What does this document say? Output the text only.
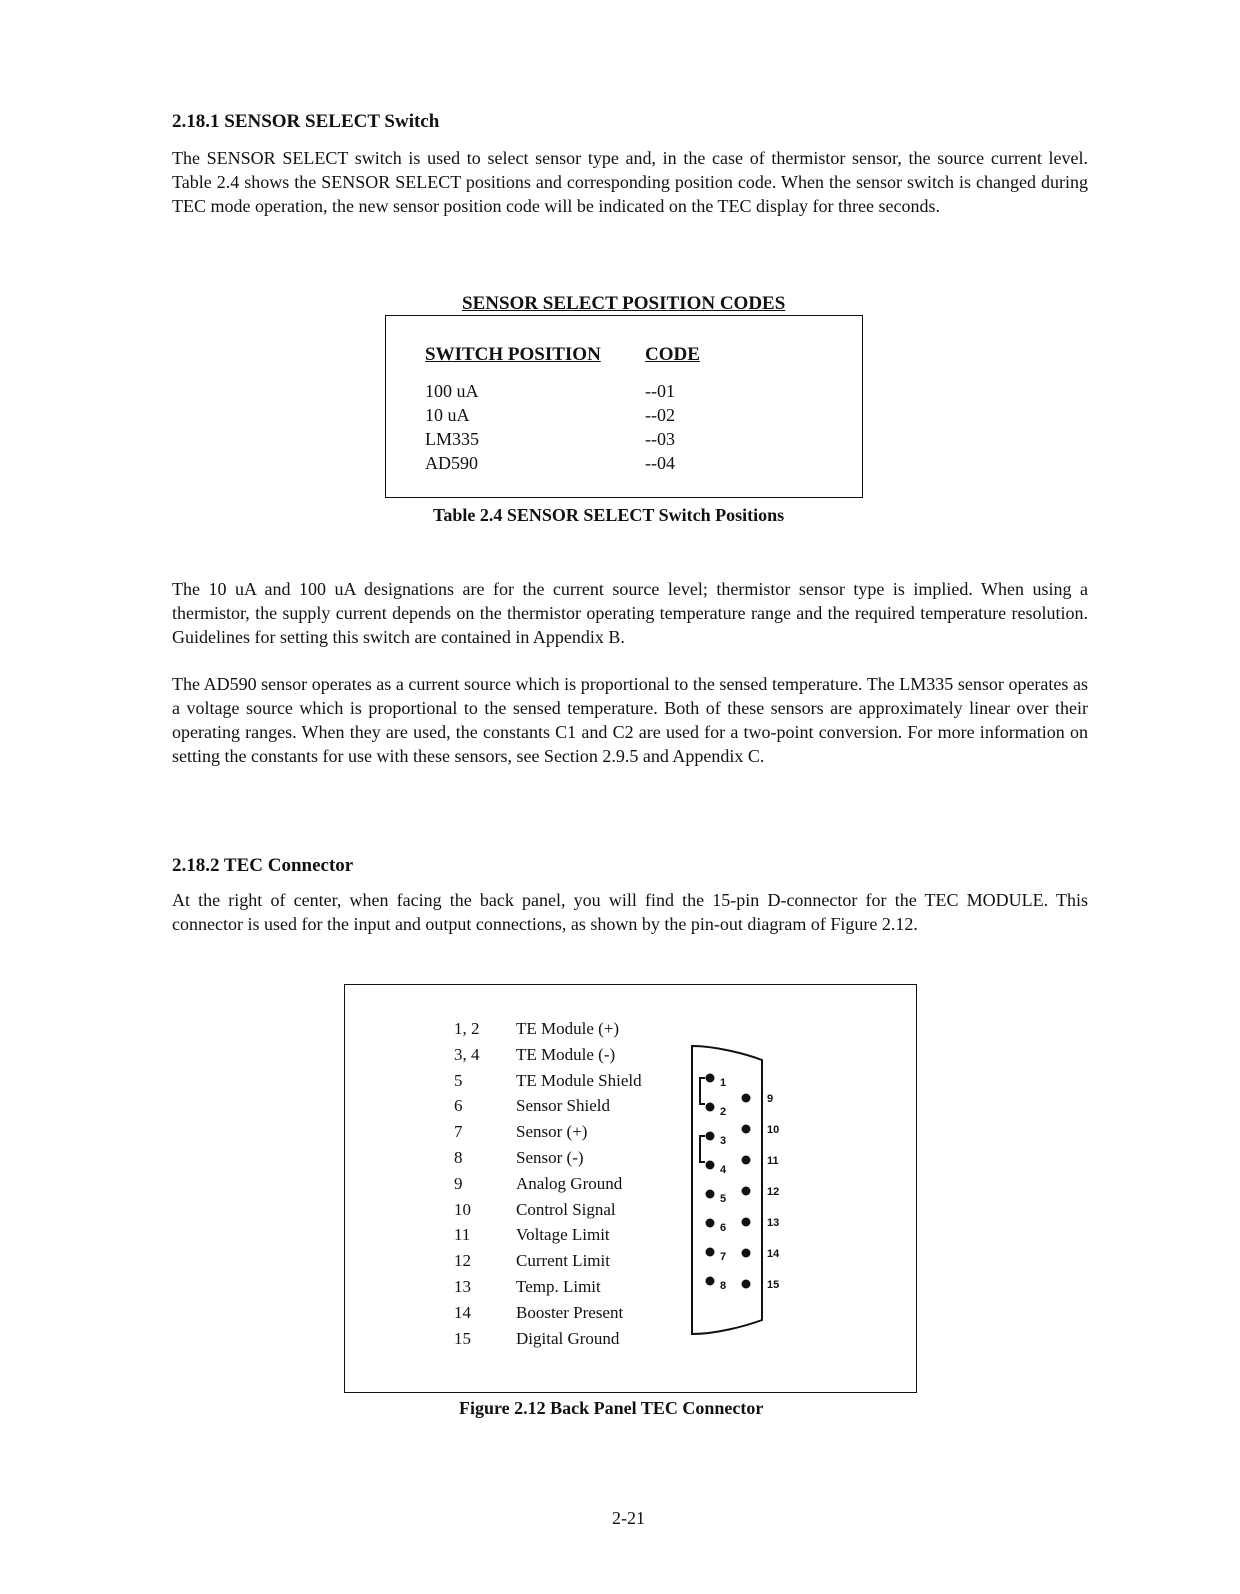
2.18.1 SENSOR SELECT Switch
The SENSOR SELECT switch is used to select sensor type and, in the case of thermistor sensor, the source current level. Table 2.4 shows the SENSOR SELECT positions and corresponding position code. When the sensor switch is changed during TEC mode operation, the new sensor position code will be indicated on the TEC display for three seconds.
SENSOR SELECT POSITION CODES
SWITCH POSITION CODE
100 uA	--01
10 uA	--02
LM335	--03
AD590	--04
Table 2.4 SENSOR SELECT Switch Positions
The 10 uA and 100 uA designations are for the current source level; thermistor sensor type is implied. When using a thermistor, the supply current depends on the thermistor operating temperature range and the required temperature resolution. Guidelines for setting this switch are contained in Appendix B.
The AD590 sensor operates as a current source which is proportional to the sensed temperature. The LM335 sensor operates as a voltage source which is proportional to the sensed temperature. Both of these sensors are approximately linear over their operating ranges. When they are used, the constants C1 and C2 are used for a two-point conversion. For more information on setting the constants for use with these sensors, see Section 2.9.5 and Appendix C.
2.18.2 TEC Connector
At the right of center, when facing the back panel, you will find the 15-pin D-connector for the TEC MODULE. This connector is used for the input and output connections, as shown by the pin-out diagram of Figure 2.12.
1, 2	TE Module (+)
3, 4	TE Module (-)
5	TE Module Shield
6	Sensor Shield
7	Sensor (+)
8	Sensor (-)
9	Analog Ground
10	Control Signal
11	Voltage Limit
12	Current Limit
13	Temp. Limit
14	Booster Present
15	Digital Ground
1
2
3
4
5
6
7
8
9
10
11
12
13
14
15
Figure 2.12 Back Panel TEC Connector
2-21
